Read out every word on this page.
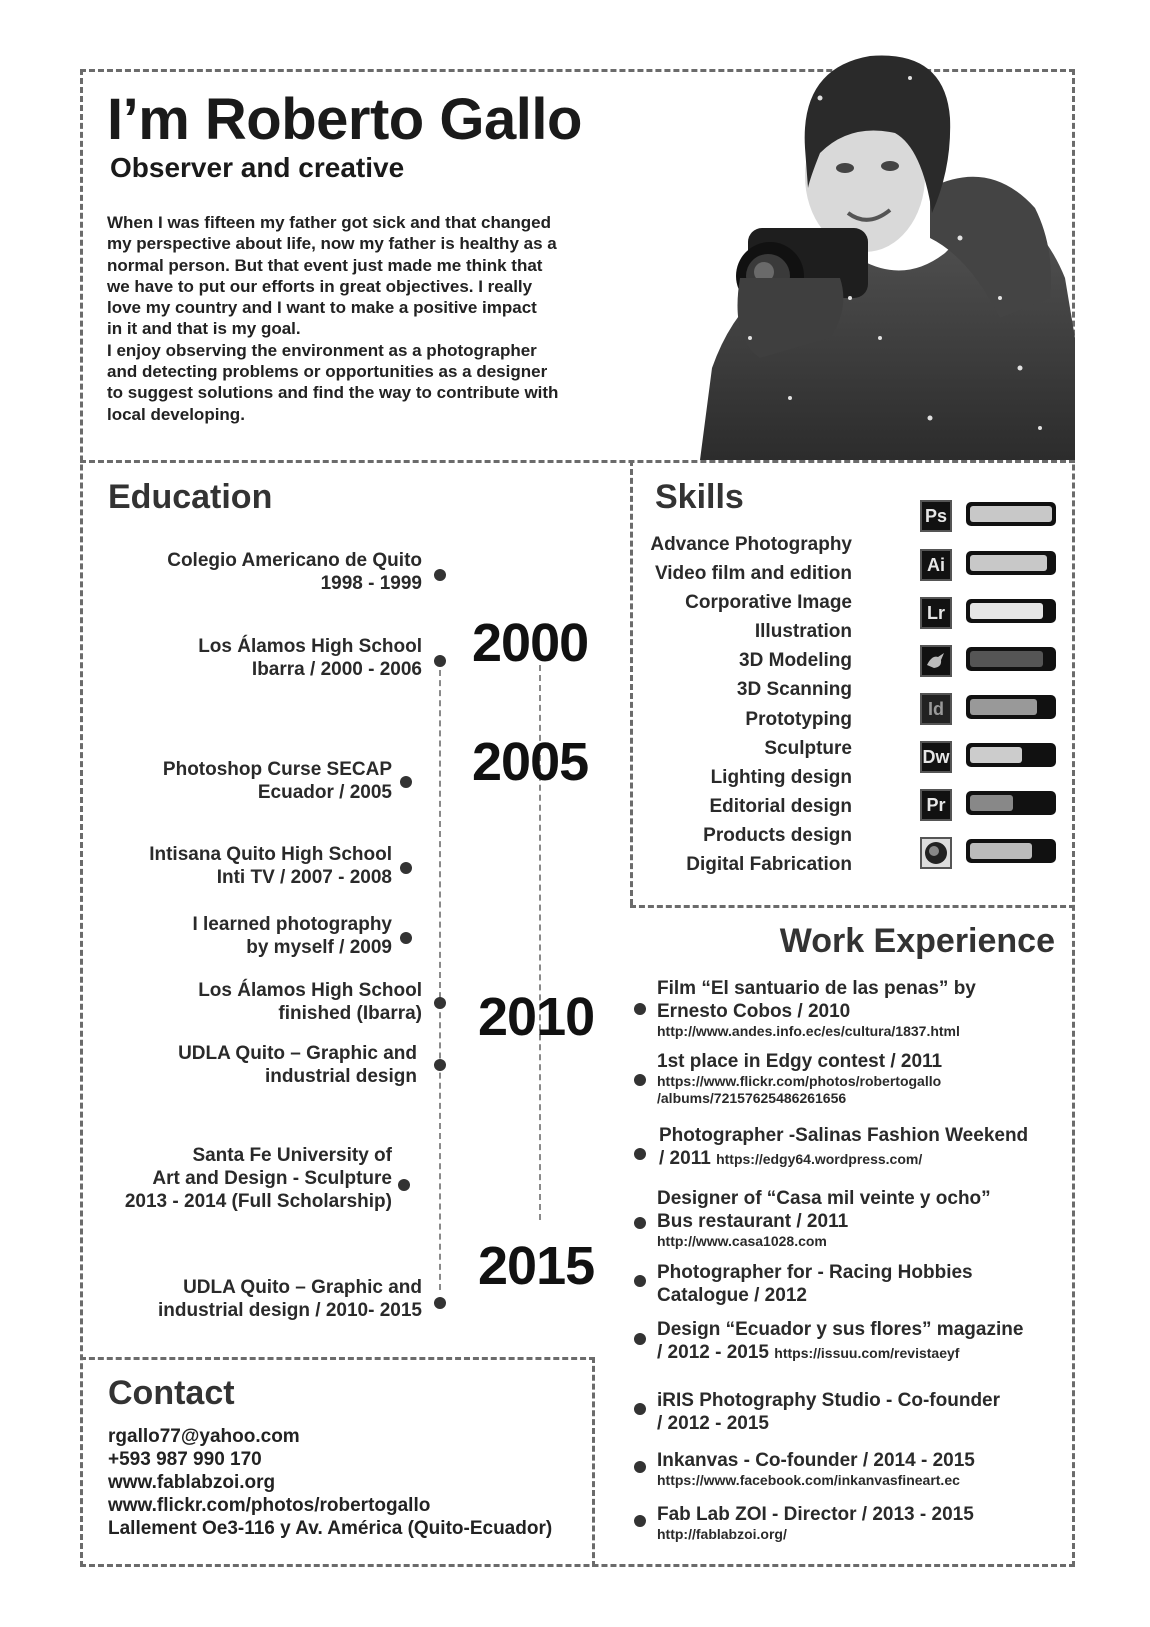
I’m Roberto Gallo
Observer and creative
When I was fifteen my father got sick and that changed
my perspective about life, now my father is healthy as a
normal person. But that event just made me think that
we have to put our efforts in great objectives. I really
love my country and I want to make a positive impact
in it and that is my goal.
I enjoy observing the environment as a photographer
and detecting problems or opportunities as a designer
to suggest solutions and find the way to contribute with
local developing.
Education

Colegio Americano de Quito
1998 - 1999

Los Álamos High School
Ibarra / 2000 - 2006

Photoshop Curse SECAP
Ecuador / 2005

Intisana Quito High School
Inti TV / 2007 - 2008

I learned photography
by myself / 2009

Los Álamos High School
finished (Ibarra)

UDLA Quito – Graphic and
industrial design

Santa Fe University of
Art and Design - Sculpture
2013 - 2014 (Full Scholarship)

UDLA Quito – Graphic and
industrial design / 2010- 2015

2000
2005
2010
2015
Skills
Advance Photography
Video film and edition
Corporative Image
Illustration
3D Modeling
3D Scanning
Prototyping
Sculpture
Lighting design
Editorial design
Products design
Digital Fabrication
Ps
Ai
Lr
Id
Dw
Pr
Work Experience

Film “El santuario de las penas” by
Ernesto Cobos / 2010
http://www.andes.info.ec/es/cultura/1837.html

1st place in Edgy contest / 2011
https://www.flickr.com/photos/robertogallo
/albums/72157625486261656

Photographer -Salinas Fashion Weekend
/ 2011 https://edgy64.wordpress.com/

Designer of “Casa mil veinte y ocho”
Bus restaurant / 2011
http://www.casa1028.com

Photographer for - Racing Hobbies
Catalogue / 2012

Design “Ecuador y sus flores” magazine
/ 2012 - 2015 https://issuu.com/revistaeyf

iRIS Photography Studio - Co-founder
/ 2012 - 2015

Inkanvas - Co-founder / 2014 - 2015
https://www.facebook.com/inkanvasfineart.ec

Fab Lab ZOI - Director / 2013 - 2015
http://fablabzoi.org/

Contact

rgallo77@yahoo.com
+593 987 990 170
www.fablabzoi.org
www.flickr.com/photos/robertogallo
Lallement Oe3-116 y Av. América (Quito-Ecuador)
